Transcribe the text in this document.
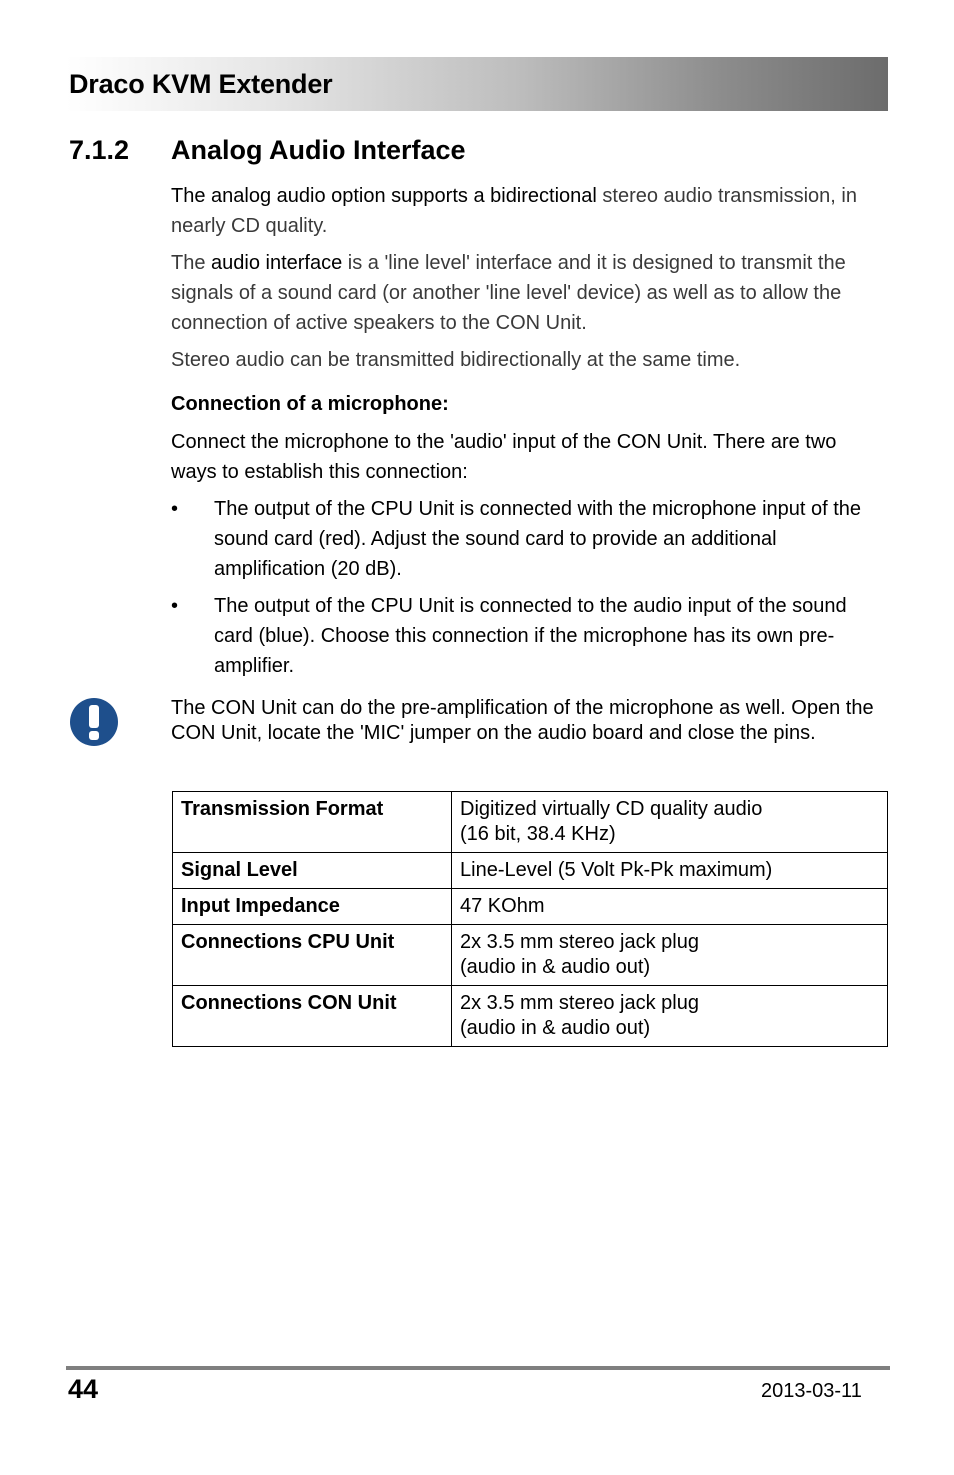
Draco KVM Extender
7.1.2 Analog Audio Interface
The analog audio option supports a bidirectional stereo audio transmission, in nearly CD quality.
The audio interface is a 'line level' interface and it is designed to transmit the signals of a sound card (or another 'line level' device) as well as to allow the connection of active speakers to the CON Unit.
Stereo audio can be transmitted bidirectionally at the same time.
Connection of a microphone:
Connect the microphone to the 'audio' input of the CON Unit. There are two ways to establish this connection:
• The output of the CPU Unit is connected with the microphone input of the sound card (red). Adjust the sound card to provide an additional amplification (20 dB).
• The output of the CPU Unit is connected to the audio input of the sound card (blue). Choose this connection if the microphone has its own pre-amplifier.
The CON Unit can do the pre-amplification of the microphone as well. Open the CON Unit, locate the 'MIC' jumper on the audio board and close the pins.
Transmission Format	Digitized virtually CD quality audio
(16 bit, 38.4 KHz)

Signal Level	Line-Level (5 Volt Pk-Pk maximum)

Input Impedance	47 KOhm

Connections CPU Unit	2x 3.5 mm stereo jack plug
(audio in & audio out)

Connections CON Unit	2x 3.5 mm stereo jack plug
(audio in & audio out)
44	2013-03-11
